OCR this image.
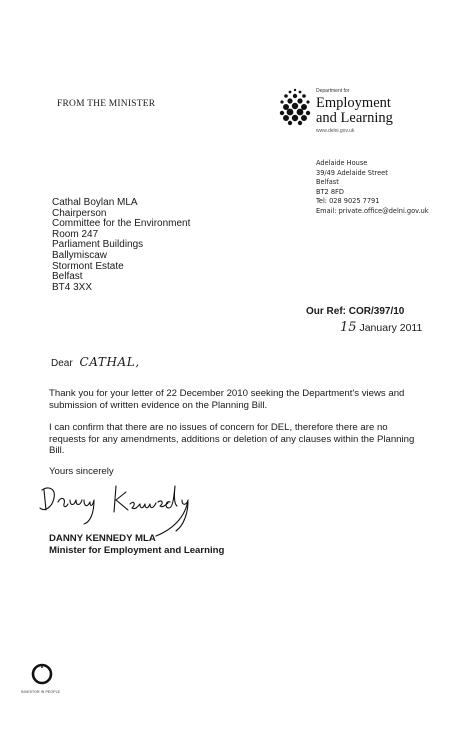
FROM THE MINISTER
Department for
Employment
and Learning
www.delni.gov.uk
Adelaide House
39/49 Adelaide Street
Belfast
BT2 8FD
Tel: 028 9025 7791
Email: private.office@delni.gov.uk
Cathal Boylan MLA
Chairperson
Committee for the Environment
Room 247
Parliament Buildings
Ballymiscaw
Stormont Estate
Belfast
BT4 3XX
Our Ref: COR/397/10
15 January 2011
Dear CATHAL,
Thank you for your letter of 22 December 2010 seeking the Department's views and submission of written evidence on the Planning Bill.
I can confirm that there are no issues of concern for DEL, therefore there are no requests for any amendments, additions or deletion of any clauses within the Planning Bill.
Yours sincerely
DANNY KENNEDY MLA
Minister for Employment and Learning
INVESTOR IN PEOPLE
